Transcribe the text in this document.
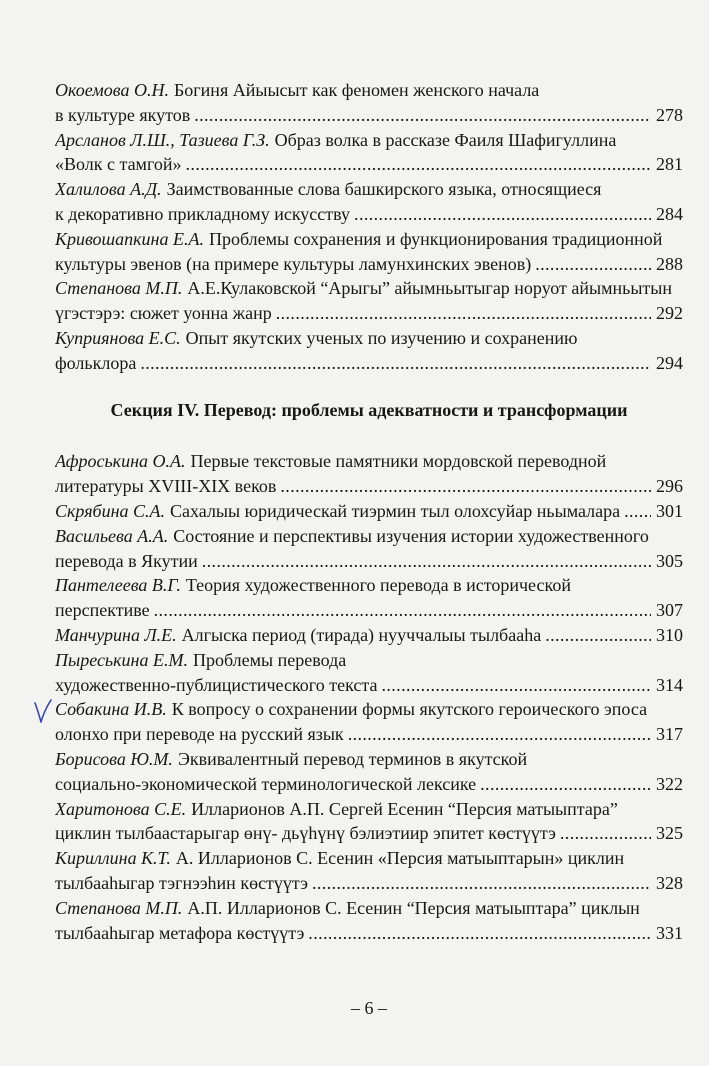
Окоемова О.Н. Богиня Айыысыт как феномен женского начала
в культуре якутов .....	278
Арсланов Л.Ш., Тазиева Г.З. Образ волка в рассказе Фаиля Шафигуллина
«Волк с тамгой» .....	281
Халилова А.Д. Заимствованные слова башкирского языка, относящиеся
к декоративно прикладному искусству .....	284
Кривошапкина Е.А. Проблемы сохранения и функционирования традиционной
культуры эвенов (на примере культуры ламунхинских эвенов) .....	288
Степанова М.П. А.Е.Кулаковской “Арыгы” айымньытыгар норуот айымньытын
үгэстэрэ: сюжет уонна жанр .....	292
Куприянова Е.С. Опыт якутских ученых по изучению и сохранению
фольклора .....	294
Секция IV. Перевод: проблемы адекватности и трансформации
Афроськина О.А. Первые текстовые памятники мордовской переводной
литературы XVIII-XIX веков .....	296
Скрябина С.А. Сахалыы юридическай тиэрмин тыл олохсуйар ньымалара ..... 301
Васильева А.А. Состояние и перспективы изучения истории художественного
перевода в Якутии .....	305
Пантелеева В.Г. Теория художественного перевода в исторической
перспективе .....	307
Манчурина Л.Е. Алгыска период (тирада) нууччалыы тылбааһа .....	310
Пыреськина Е.М. Проблемы перевода
художественно-публицистического текста .....	314
Собакина И.В. К вопросу о сохранении формы якутского героического эпоса
олонхо при переводе на русский язык .....	317
Борисова Ю.М. Эквивалентный перевод терминов в якутской
социально-экономической терминологической лексике .....	322
Харитонова С.Е. Илларионов А.П. Сергей Есенин “Персия матыыптара”
циклин тылбаастарыгар өнү- дьүһүнү бэлиэтиир эпитет көстүүтэ .....	325
Кириллина К.Т. А. Илларионов С. Есенин «Персия матыыптарын» циклин
тылбааһыгар тэгнээһин көстүүтэ .....	328
Степанова М.П. А.П. Илларионов С. Есенин “Персия матыыптара” циклын
тылбааһыгар метафора көстүүтэ .....	331
– 6 –
